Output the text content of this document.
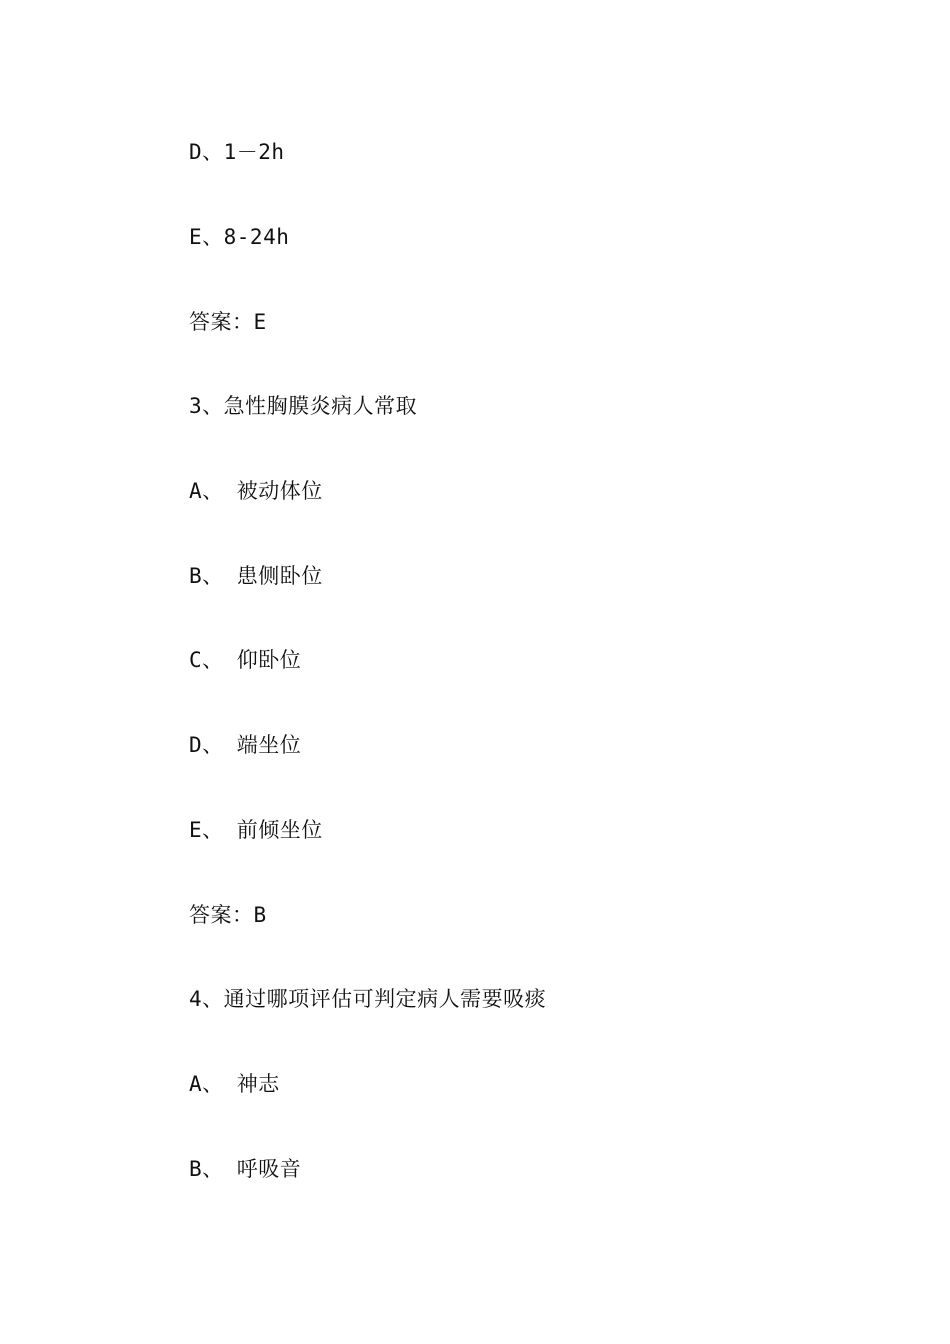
D、1－2h
E、8-24h
答案：E
3、急性胸膜炎病人常取
A、 被动体位
B、 患侧卧位
C、 仰卧位
D、 端坐位
E、 前倾坐位
答案：B
4、通过哪项评估可判定病人需要吸痰
A、 神志
B、 呼吸音
